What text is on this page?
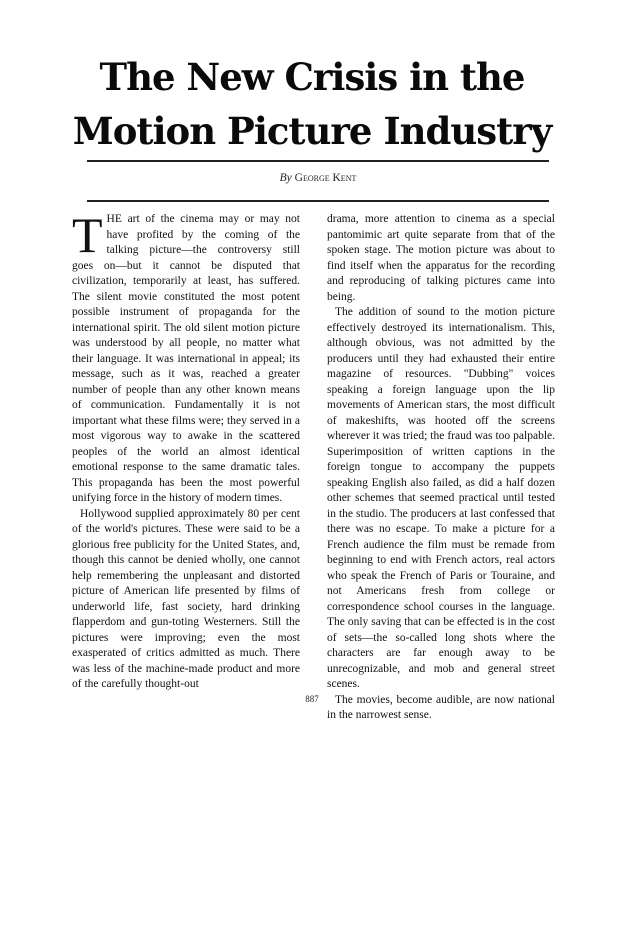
The New Crisis in the Motion Picture Industry
By George Kent

THE art of the cinema may or may not have profited by the coming of the talking picture—the controversy still goes on—but it cannot be disputed that civilization, temporarily at least, has suffered. The silent movie constituted the most potent possible instrument of propaganda for the international spirit. The old silent motion picture was understood by all people, no matter what their language. It was international in appeal; its message, such as it was, reached a greater number of people than any other known means of communication. Fundamentally it is not important what these films were; they served in a most vigorous way to awake in the scattered peoples of the world an almost identical emotional response to the same dramatic tales. This propaganda has been the most powerful unifying force in the history of modern times.

Hollywood supplied approximately 80 per cent of the world's pictures. These were said to be a glorious free publicity for the United States, and, though this cannot be denied wholly, one cannot help remembering the unpleasant and distorted picture of American life presented by films of underworld life, fast society, hard drinking flapperdom and gun-toting Westerners. Still the pictures were improving; even the most exasperated of critics admitted as much. There was less of the machine-made product and more of the carefully thought-out

drama, more attention to cinema as a special pantomimic art quite separate from that of the spoken stage. The motion picture was about to find itself when the apparatus for the recording and reproducing of talking pictures came into being.

The addition of sound to the motion picture effectively destroyed its internationalism. This, although obvious, was not admitted by the producers until they had exhausted their entire magazine of resources. "Dubbing" voices speaking a foreign language upon the lip movements of American stars, the most difficult of makeshifts, was hooted off the screens wherever it was tried; the fraud was too palpable. Superimposition of written captions in the foreign tongue to accompany the puppets speaking English also failed, as did a half dozen other schemes that seemed practical until tested in the studio. The producers at last confessed that there was no escape. To make a picture for a French audience the film must be remade from beginning to end with French actors, real actors who speak the French of Paris or Touraine, and not Americans fresh from college or correspondence school courses in the language. The only saving that can be effected is in the cost of sets—the so-called long shots where the characters are far enough away to be unrecognizable, and mob and general street scenes.

The movies, become audible, are now national in the narrowest sense.

887
